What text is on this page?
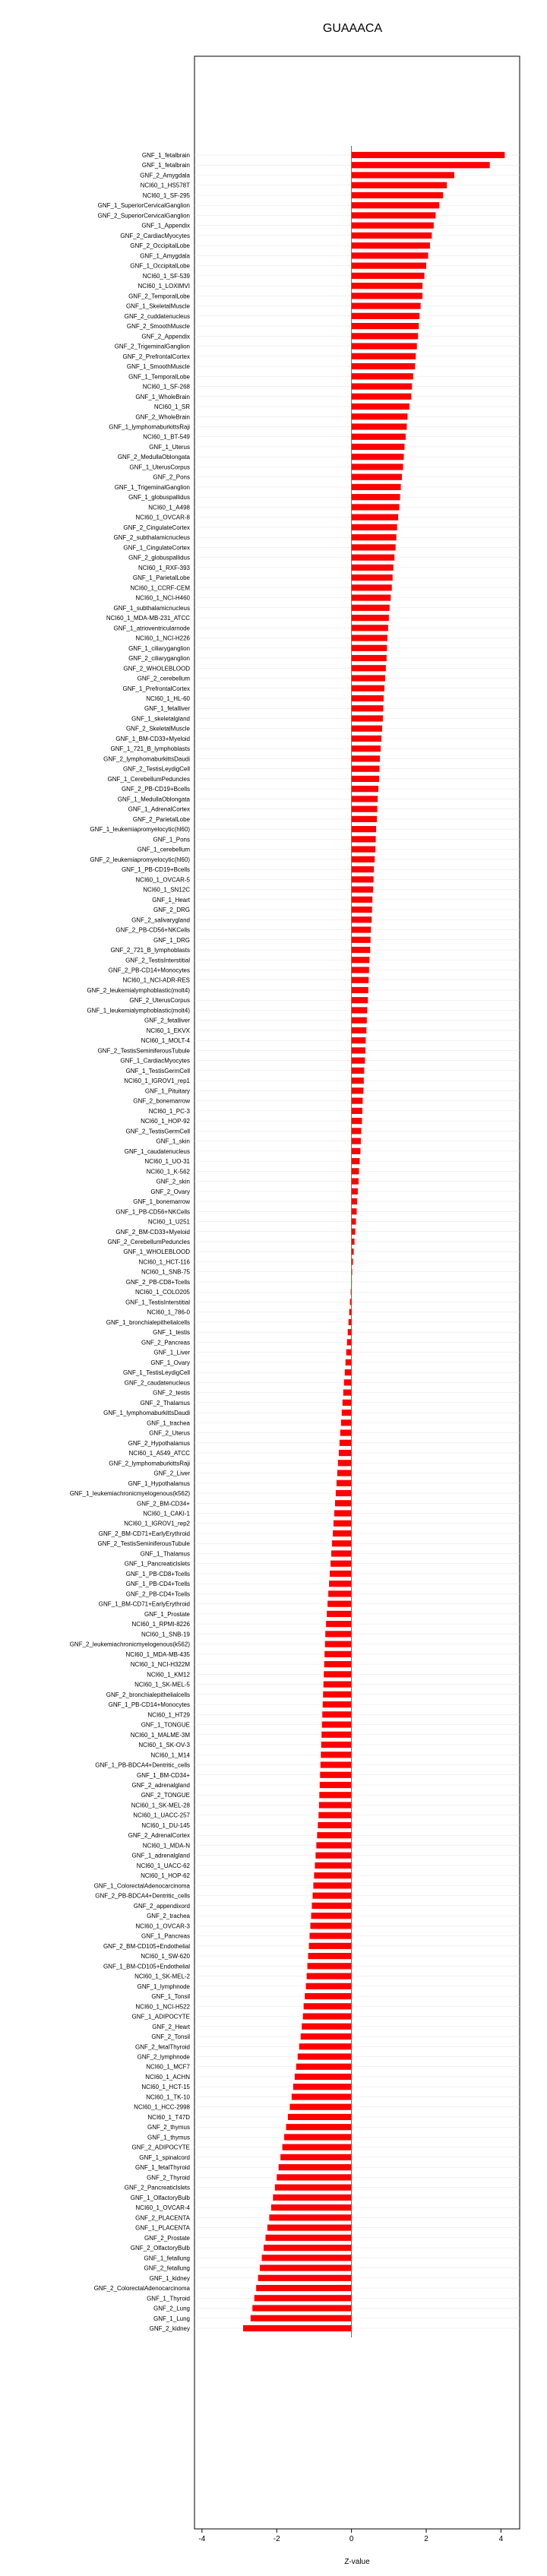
GUAAACA
GNF_1_fetalbrain
GNF_1_fetalbrain
GNF_2_Amygdala
NCI60_1_HS578T
NCI60_1_SF-295
GNF_1_SuperiorCervicalGanglion
GNF_2_SuperiorCervicalGanglion
GNF_1_Appendix
GNF_2_CardiacMyocytes
GNF_2_OccipitalLobe
GNF_1_Amygdala
GNF_1_OccipitalLobe
NCI60_1_SF-539
NCI60_1_LOXIMVI
GNF_2_TemporalLobe
GNF_1_SkeletalMuscle
GNF_2_cuddatenucleus
GNF_2_SmoothMuscle
GNF_2_Appendix
GNF_2_TrigeminalGanglion
GNF_2_PrefrontalCortex
GNF_1_SmoothMuscle
GNF_1_TemporalLobe
NCI60_1_SF-268
GNF_1_WholeBrain
NCI60_1_SR
GNF_2_WholeBrain
GNF_1_lymphomaburkittsRaji
NCI60_1_BT-549
GNF_1_Uterus
GNF_2_MedullaOblongata
GNF_1_UterusCorpus
GNF_2_Pons
GNF_1_TrigeminalGanglion
GNF_1_globuspallidus
NCI60_1_A498
NCI60_1_OVCAR-8
GNF_2_CingulateCortex
GNF_2_subthalamicnucleus
GNF_1_CingulateCortex
GNF_2_globuspallidus
NCI60_1_RXF-393
GNF_1_ParietalLobe
NCI60_1_CCRF-CEM
NCI60_1_NCI-H460
GNF_1_subthalamicnucleus
NCI60_1_MDA-MB-231_ATCC
GNF_1_atrioventricularnode
NCI60_1_NCI-H226
GNF_1_ciliaryganglion
GNF_2_ciliaryganglion
GNF_2_WHOLEBLOOD
GNF_2_cerebellum
GNF_1_PrefrontalCortex
NCI60_1_HL-60
GNF_1_fetalliver
GNF_1_skeletalgland
GNF_2_SkeletalMuscle
GNF_1_BM-CD33+Myeloid
GNF_1_721_B_lymphoblasts
GNF_2_lymphomaburkittsDaudi
GNF_2_TestisLeydigCell
GNF_1_CerebellumPeduncles
GNF_2_PB-CD19+Bcells
GNF_1_MedullaOblongata
GNF_1_AdrenalCortex
GNF_2_ParietalLobe
GNF_1_leukemiapromyelocytic(hl60)
GNF_1_Pons
GNF_1_cerebellum
GNF_2_leukemiapromyelocytic(hl60)
GNF_1_PB-CD19+Bcells
NCI60_1_OVCAR-5
NCI60_1_SN12C
GNF_1_Heart
GNF_2_DRG
GNF_2_salivarygland
GNF_2_PB-CD56+NKCells
GNF_1_DRG
GNF_2_721_B_lymphoblasts
GNF_2_TestisInterstitial
GNF_2_PB-CD14+Monocytes
NCI60_1_NCI-ADR-RES
GNF_2_leukemialymphoblastic(molt4)
GNF_2_UterusCorpus
GNF_1_leukemialymphoblastic(molt4)
GNF_2_fetalliver
NCI60_1_EKVX
NCI60_1_MOLT-4
GNF_2_TestisSeminiferousTubule
GNF_1_CardiacMyocytes
GNF_1_TestisGermCell
NCI60_1_IGROV1_rep1
GNF_1_Pituitary
GNF_2_bonemarrow
NCI60_1_PC-3
NCI60_1_HOP-92
GNF_2_TestisGermCell
GNF_1_skin
GNF_1_caudatenucleus
NCI60_1_UO-31
NCI60_1_K-562
GNF_2_skin
GNF_2_Ovary
GNF_1_bonemarrow
GNF_1_PB-CD56+NKCells
NCI60_1_U251
GNF_2_BM-CD33+Myeloid
GNF_2_CerebellumPeduncles
GNF_1_WHOLEBLOOD
NCI60_1_HCT-116
NCI60_1_SNB-75
GNF_2_PB-CD8+Tcells
NCI60_1_COLO205
GNF_1_TestisInterstitial
NCI60_1_786-0
GNF_1_bronchialepithelialcells
GNF_1_testis
GNF_2_Pancreas
GNF_1_Liver
GNF_1_Ovary
GNF_1_TestisLeydigCell
GNF_2_caudatenucleus
GNF_2_testis
GNF_2_Thalamus
GNF_1_lymphomaburkittsDaudi
GNF_1_trachea
GNF_2_Uterus
GNF_2_Hypothalamus
NCI60_1_A549_ATCC
GNF_2_lymphomaburkittsRaji
GNF_2_Liver
GNF_1_Hypothalamus
GNF_1_leukemiachronicmyelogenous(k562)
GNF_2_BM-CD34+
NCI60_1_CAKI-1
NCI60_1_IGROV1_rep2
GNF_2_BM-CD71+EarlyErythroid
GNF_2_TestisSeminiferousTubule
GNF_1_Thalamus
GNF_1_Pancreaticlslets
GNF_1_PB-CD8+Tcells
GNF_1_PB-CD4+Tcells
GNF_2_PB-CD4+Tcells
GNF_1_BM-CD71+EarlyErythroid
GNF_1_Prostate
NCI60_1_RPMI-8226
NCI60_1_SNB-19
GNF_2_leukemiachronicmyelogenous(k562)
NCI60_1_MDA-MB-435
NCI60_1_NCI-H322M
NCI60_1_KM12
NCI60_1_SK-MEL-5
GNF_2_bronchialepithelialcells
GNF_1_PB-CD14+Monocytes
NCI60_1_HT29
GNF_1_TONGUE
NCI60_1_MALME-3M
NCI60_1_SK-OV-3
NCI60_1_M14
GNF_1_PB-BDCA4+Dentritic_cells
GNF_1_BM-CD34+
GNF_2_adrenalgland
GNF_2_TONGUE
NCI60_1_SK-MEL-28
NCI60_1_UACC-257
NCI60_1_DU-145
GNF_2_AdrenalCortex
NCI60_1_MDA-N
GNF_1_adrenalgland
NCI60_1_UACC-62
NCI60_1_HOP-62
GNF_1_ColorectalAdenocarcinoma
GNF_2_PB-BDCA4+Dentritic_cells
GNF_2_appendixord
GNF_2_trachea
NCI60_1_OVCAR-3
GNF_1_Pancreas
GNF_2_BM-CD105+Endothelial
NCI60_1_SW-620
GNF_1_BM-CD105+Endothelial
NCI60_1_SK-MEL-2
GNF_1_lymphnode
GNF_1_Tonsil
NCI60_1_NCI-H522
GNF_1_ADIPOCYTE
GNF_2_Heart
GNF_2_Tonsil
GNF_2_fetalThyroid
GNF_2_lymphnode
NCI60_1_MCF7
NCI60_1_ACHN
NCI60_1_HCT-15
NCI60_1_TK-10
NCI60_1_HCC-2998
NCI60_1_T47D
GNF_2_thymus
GNF_1_thymus
GNF_2_ADIPOCYTE
GNF_1_spinalcord
GNF_1_fetalThyroid
GNF_2_Thyroid
GNF_2_Pancreaticlslets
GNF_1_OlfactoryBulb
NCI60_1_OVCAR-4
GNF_2_PLACENTA
GNF_1_PLACENTA
GNF_2_Prostate
GNF_2_OlfactoryBulb
GNF_1_fetallung
GNF_2_fetallung
GNF_1_kidney
GNF_2_ColorectalAdenocarcinoma
GNF_1_Thyroid
GNF_2_Lung
GNF_1_Lung
GNF_2_kidney
-4	-2	0	2	4
Z-value
